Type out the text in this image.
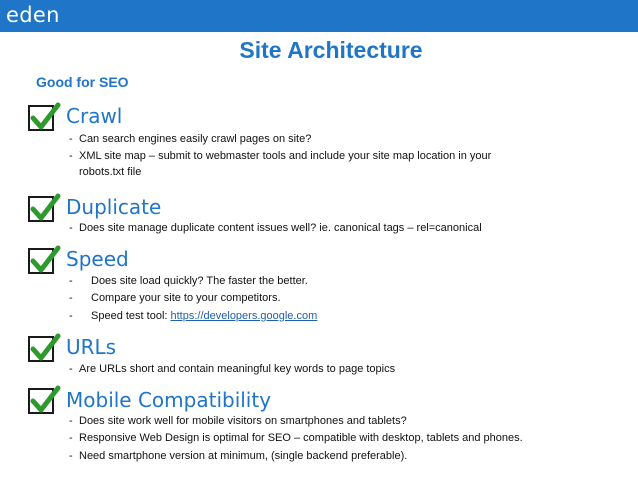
eden
Site Architecture
Good for SEO
Crawl
- Can search engines easily crawl pages on site?
- XML site map – submit to webmaster tools and include your site map location in your
robots.txt file
Duplicate
- Does site manage duplicate content issues well? ie. canonical tags – rel=canonical
Speed
- Does site load quickly? The faster the better.
- Compare your site to your competitors.
- Speed test tool: https://developers.google.com
URLs
- Are URLs short and contain meaningful key words to page topics
Mobile Compatibility
- Does site work well for mobile visitors on smartphones and tablets?
- Responsive Web Design is optimal for SEO – compatible with desktop, tablets and phones.
- Need smartphone version at minimum, (single backend preferable).
